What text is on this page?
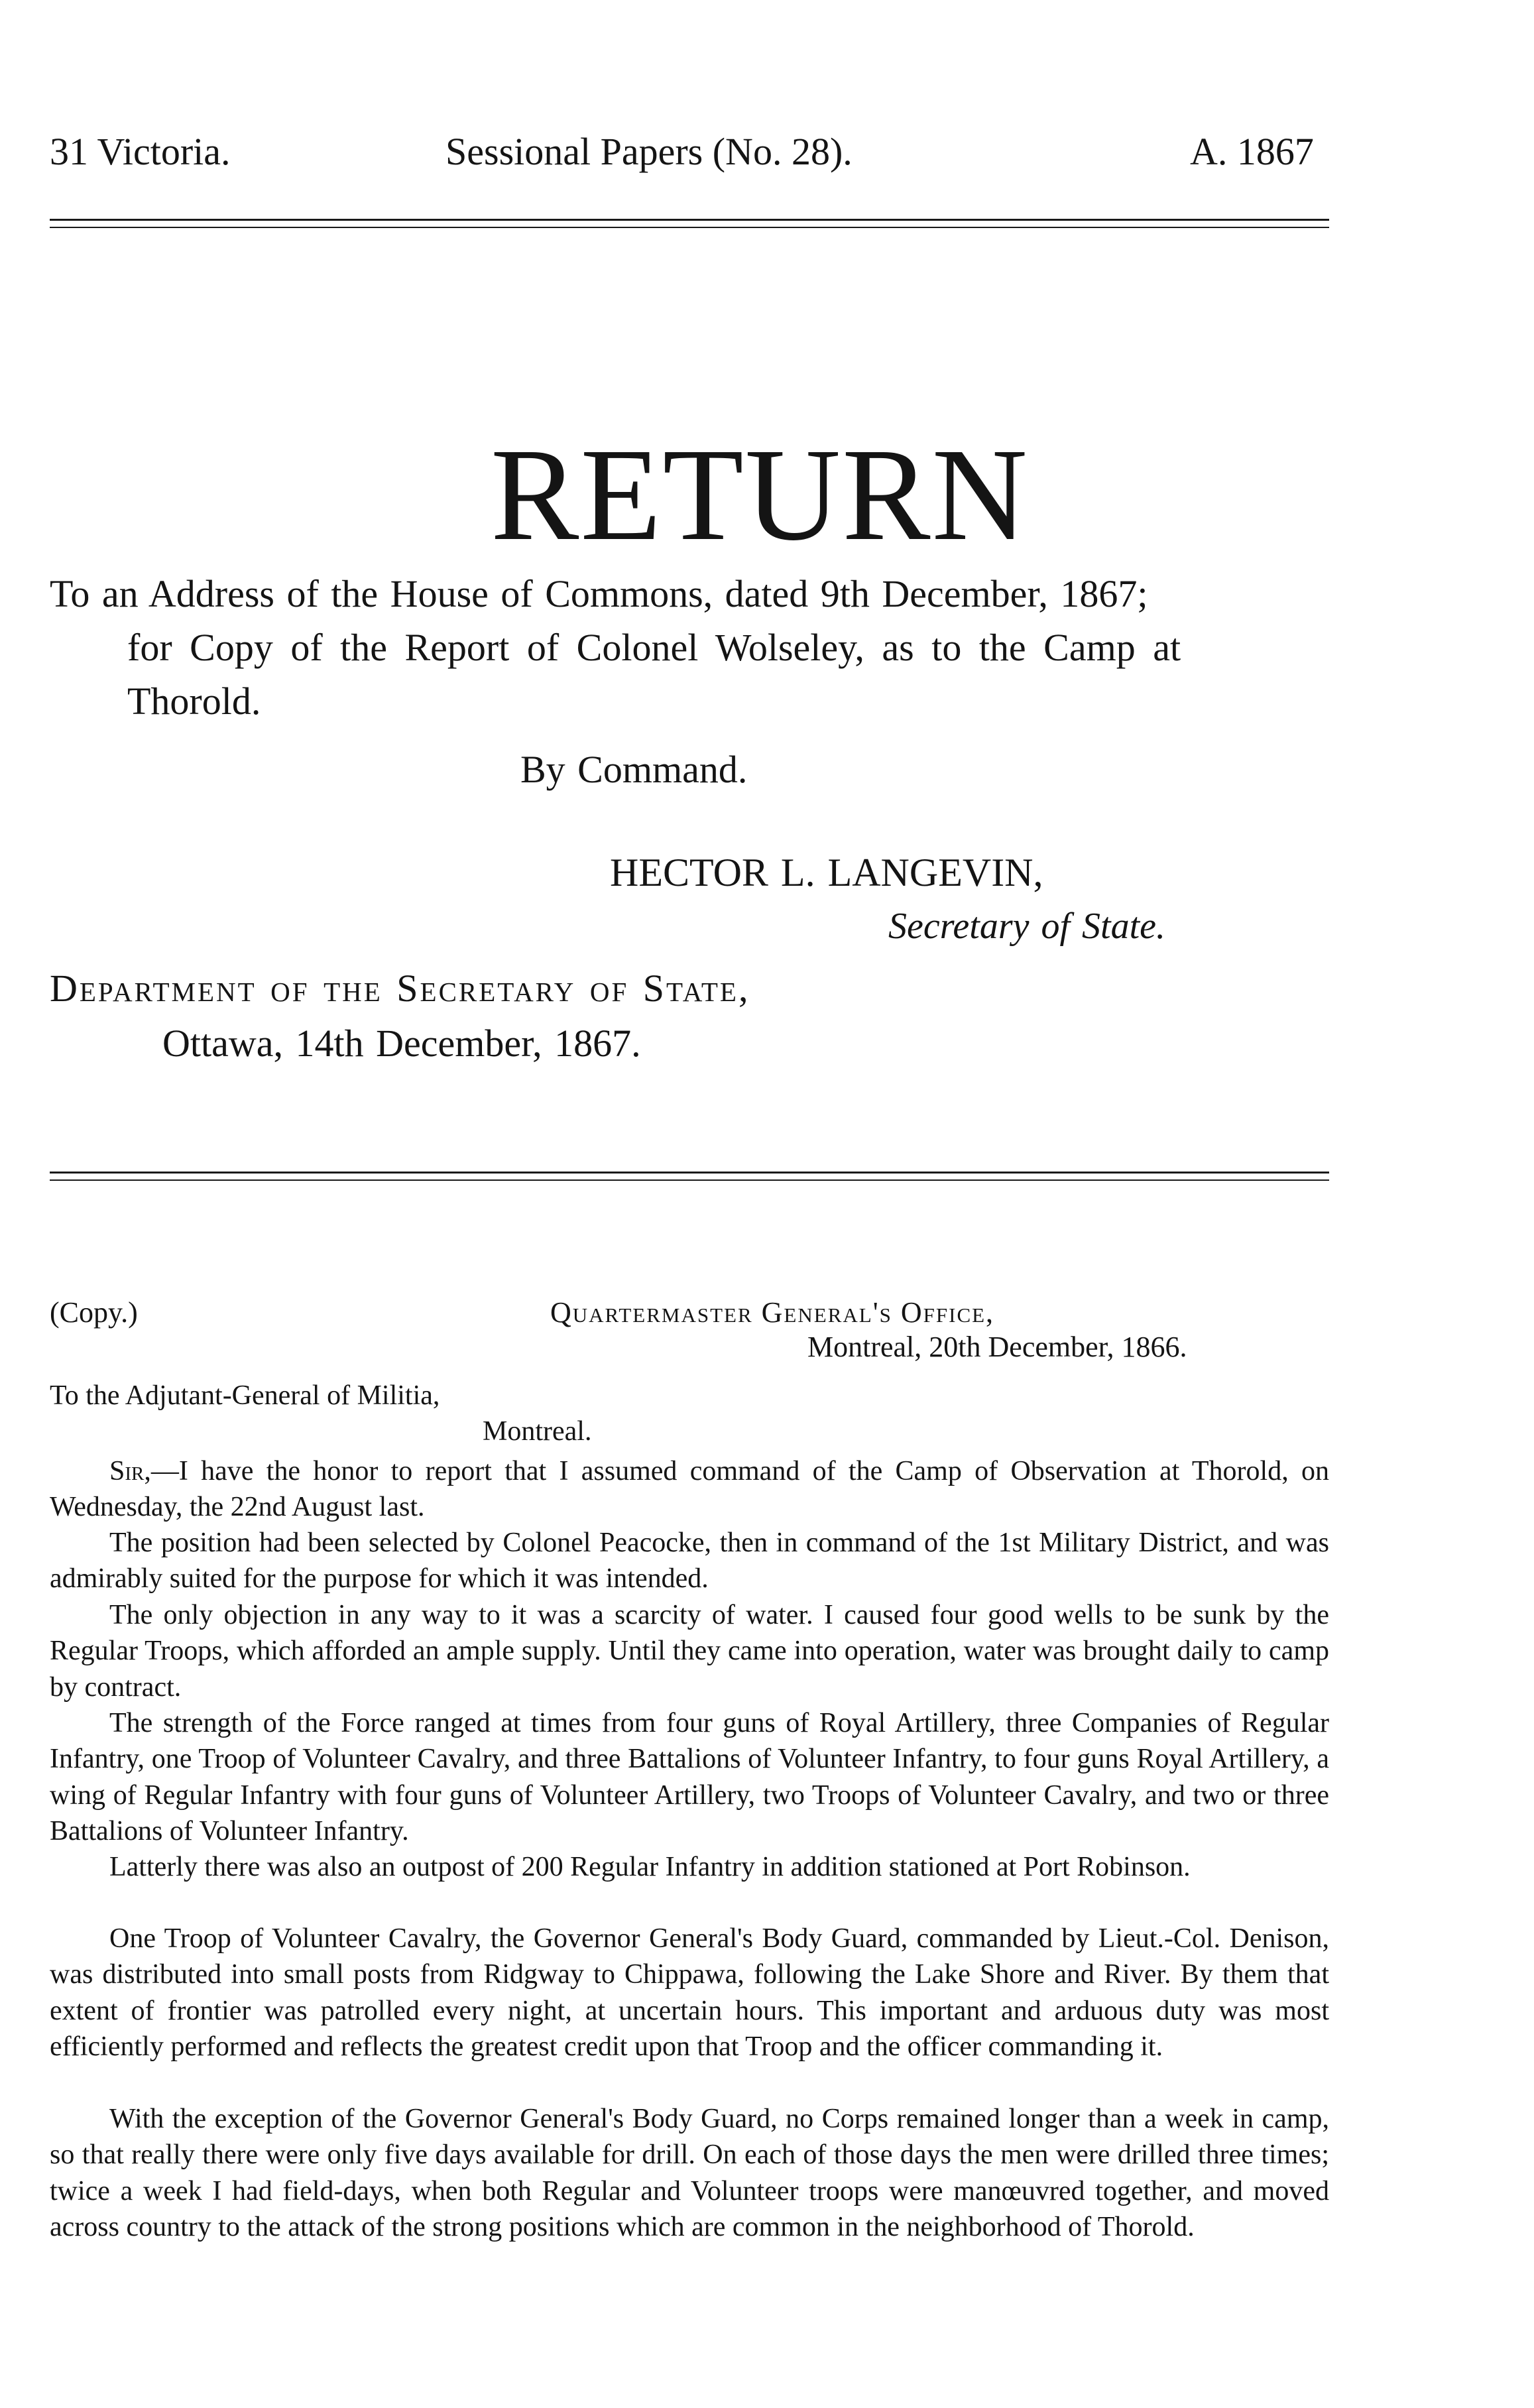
31 Victoria.	Sessional Papers (No. 28).	A. 1867
RETURN
To an Address of the House of Commons, dated 9th December, 1867;
for Copy of the Report of Colonel Wolseley, as to the Camp at
Thorold.
By Command.
HECTOR L. LANGEVIN,
Secretary of State.
Department of the Secretary of State,
Ottawa, 14th December, 1867.
(Copy.)	Quartermaster General's Office,
Montreal, 20th December, 1866.
To the Adjutant-General of Militia,
Montreal.
Sir,—I have the honor to report that I assumed command of the Camp of Observation at Thorold, on Wednesday, the 22nd August last.
The position had been selected by Colonel Peacocke, then in command of the 1st Military District, and was admirably suited for the purpose for which it was intended.
The only objection in any way to it was a scarcity of water. I caused four good wells to be sunk by the Regular Troops, which afforded an ample supply. Until they came into operation, water was brought daily to camp by contract.
The strength of the Force ranged at times from four guns of Royal Artillery, three Companies of Regular Infantry, one Troop of Volunteer Cavalry, and three Battalions of Volunteer Infantry, to four guns Royal Artillery, a wing of Regular Infantry with four guns of Volunteer Artillery, two Troops of Volunteer Cavalry, and two or three Battalions of Volunteer Infantry.
Latterly there was also an outpost of 200 Regular Infantry in addition stationed at Port Robinson.
One Troop of Volunteer Cavalry, the Governor General's Body Guard, commanded by Lieut.-Col. Denison, was distributed into small posts from Ridgway to Chippawa, following the Lake Shore and River. By them that extent of frontier was patrolled every night, at uncertain hours. This important and arduous duty was most efficiently performed and reflects the greatest credit upon that Troop and the officer commanding it.
With the exception of the Governor General's Body Guard, no Corps remained longer than a week in camp, so that really there were only five days available for drill. On each of those days the men were drilled three times; twice a week I had field-days, when both Regular and Volunteer troops were manœuvred together, and moved across country to the attack of the strong positions which are common in the neighborhood of Thorold.
